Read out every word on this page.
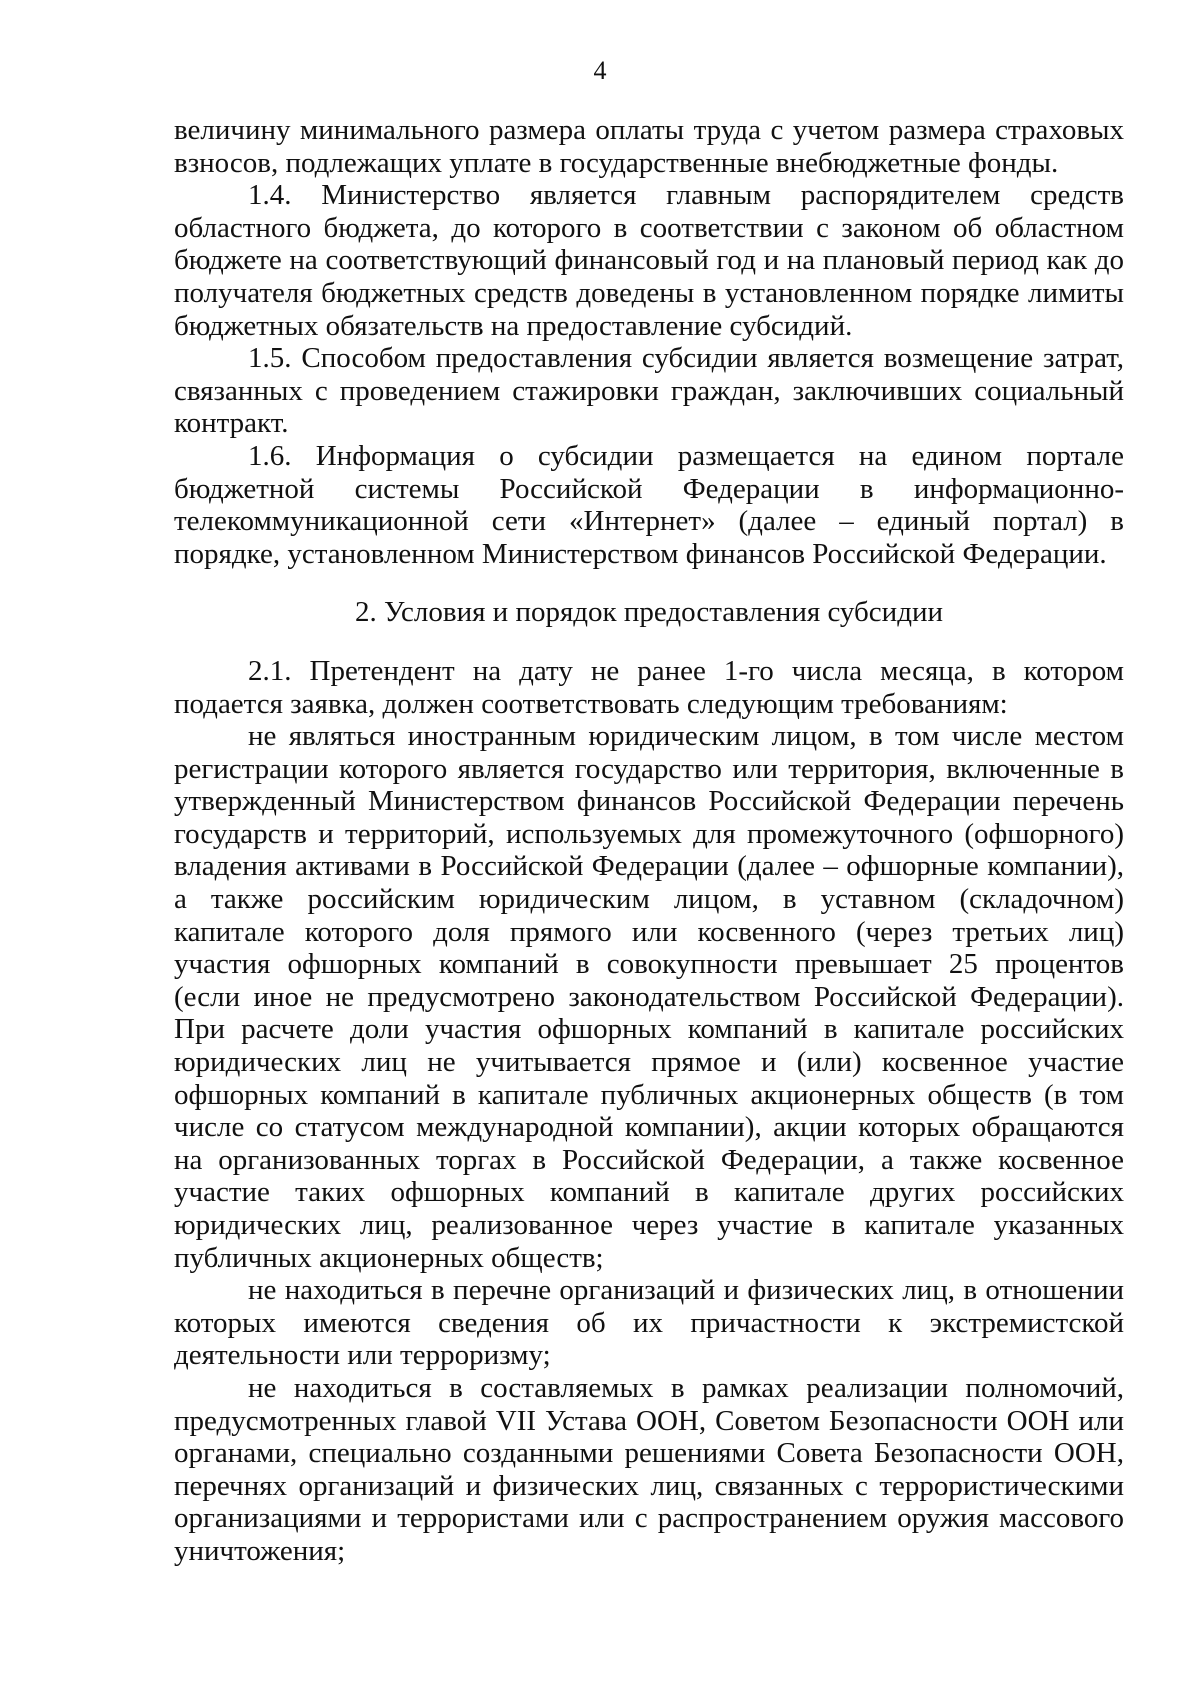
4

величину минимального размера оплаты труда с учетом размера страховых взносов, подлежащих уплате в государственные внебюджетные фонды.

1.4. Министерство является главным распорядителем средств областного бюджета, до которого в соответствии с законом об областном бюджете на соответствующий финансовый год и на плановый период как до получателя бюджетных средств доведены в установленном порядке лимиты бюджетных обязательств на предоставление субсидий.

1.5. Способом предоставления субсидии является возмещение затрат, связанных с проведением стажировки граждан, заключивших социальный контракт.

1.6. Информация о субсидии размещается на едином портале бюджетной системы Российской Федерации в информационно-телекоммуникационной сети «Интернет» (далее – единый портал) в порядке, установленном Министерством финансов Российской Федерации.

2. Условия и порядок предоставления субсидии

2.1. Претендент на дату не ранее 1-го числа месяца, в котором подается заявка, должен соответствовать следующим требованиям:

не являться иностранным юридическим лицом, в том числе местом регистрации которого является государство или территория, включенные в утвержденный Министерством финансов Российской Федерации перечень государств и территорий, используемых для промежуточного (офшорного) владения активами в Российской Федерации (далее – офшорные компании), а также российским юридическим лицом, в уставном (складочном) капитале которого доля прямого или косвенного (через третьих лиц) участия офшорных компаний в совокупности превышает 25 процентов (если иное не предусмотрено законодательством Российской Федерации). При расчете доли участия офшорных компаний в капитале российских юридических лиц не учитывается прямое и (или) косвенное участие офшорных компаний в капитале публичных акционерных обществ (в том числе со статусом международной компании), акции которых обращаются на организованных торгах в Российской Федерации, а также косвенное участие таких офшорных компаний в капитале других российских юридических лиц, реализованное через участие в капитале указанных публичных акционерных обществ;

не находиться в перечне организаций и физических лиц, в отношении которых имеются сведения об их причастности к экстремистской деятельности или терроризму;

не находиться в составляемых в рамках реализации полномочий, предусмотренных главой VII Устава ООН, Советом Безопасности ООН или органами, специально созданными решениями Совета Безопасности ООН, перечнях организаций и физических лиц, связанных с террористическими организациями и террористами или с распространением оружия массового уничтожения;
